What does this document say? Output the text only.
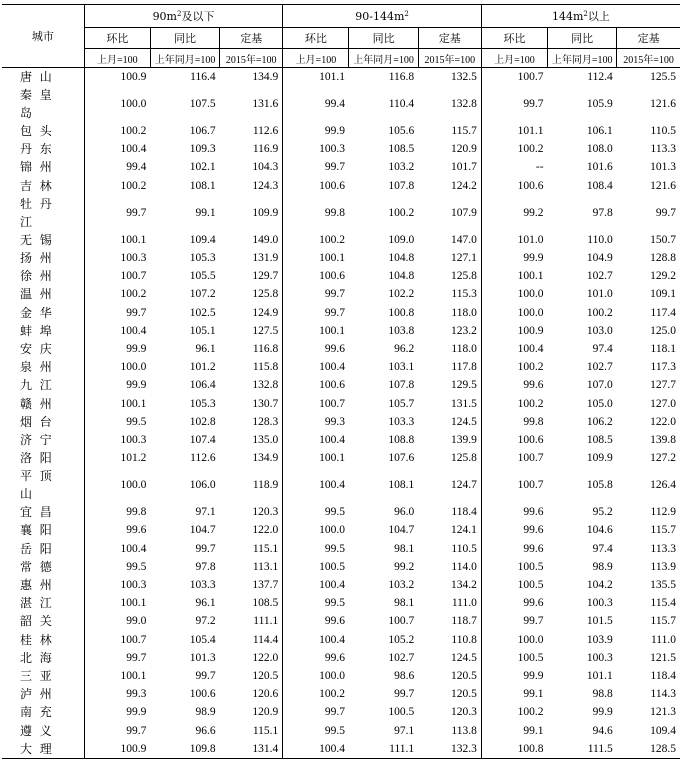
城市	$90m^2$及以下			$90-144m^2$			$144m^2$以上		
	环比	同比	定基	环比	同比	定基	环比	同比	定基
	上月=100	上年同月=100	2015年=100	上月=100	上年同月=100	2015年=100	上月=100	上年同月=100	2015年=100
唐山	100.9	116.4	134.9	101.1	116.8	132.5	100.7	112.4	125.5
秦皇岛	100.0	107.5	131.6	99.4	110.4	132.8	99.7	105.9	121.6
包头	100.2	106.7	112.6	99.9	105.6	115.7	101.1	106.1	110.5
丹东	100.4	109.3	116.9	100.3	108.5	120.9	100.2	108.0	113.3
锦州	99.4	102.1	104.3	99.7	103.2	101.7	--	101.6	101.3
吉林	100.2	108.1	124.3	100.6	107.8	124.2	100.6	108.4	121.6
牡丹江	99.7	99.1	109.9	99.8	100.2	107.9	99.2	97.8	99.7
无锡	100.1	109.4	149.0	100.2	109.0	147.0	101.0	110.0	150.7
扬州	100.3	105.3	131.9	100.1	104.8	127.1	99.9	104.9	128.8
徐州	100.7	105.5	129.7	100.6	104.8	125.8	100.1	102.7	129.2
温州	100.2	107.2	125.8	99.7	102.2	115.3	100.0	101.0	109.1
金华	99.7	102.5	124.9	99.7	100.8	118.0	100.0	100.2	117.4
蚌埠	100.4	105.1	127.5	100.1	103.8	123.2	100.9	103.0	125.0
安庆	99.9	96.1	116.8	99.6	96.2	118.0	100.4	97.4	118.1
泉州	100.0	101.2	115.8	100.4	103.1	117.8	100.2	102.7	117.3
九江	99.9	106.4	132.8	100.6	107.8	129.5	99.6	107.0	127.7
赣州	100.1	105.3	130.7	100.7	105.7	131.5	100.2	105.0	127.0
烟台	99.5	102.8	128.3	99.3	103.3	124.5	99.8	106.2	122.0
济宁	100.3	107.4	135.0	100.4	108.8	139.9	100.6	108.5	139.8
洛阳	101.2	112.6	134.9	100.1	107.6	125.8	100.7	109.9	127.2
平顶山	100.0	106.0	118.9	100.4	108.1	124.7	100.7	105.8	126.4
宜昌	99.8	97.1	120.3	99.5	96.0	118.4	99.6	95.2	112.9
襄阳	99.6	104.7	122.0	100.0	104.7	124.1	99.6	104.6	115.7
岳阳	100.4	99.7	115.1	99.5	98.1	110.5	99.6	97.4	113.3
常德	99.5	97.8	113.1	100.5	99.2	114.0	100.5	98.9	113.9
惠州	100.3	103.3	137.7	100.4	103.2	134.2	100.5	104.2	135.5
湛江	100.1	96.1	108.5	99.5	98.1	111.0	99.6	100.3	115.4
韶关	99.0	97.2	111.1	99.6	100.7	118.7	99.7	101.5	115.7
桂林	100.7	105.4	114.4	100.4	105.2	110.8	100.0	103.9	111.0
北海	99.7	101.3	122.0	99.6	102.7	124.5	100.5	100.3	121.5
三亚	100.1	99.7	120.5	100.0	98.6	120.5	99.9	101.1	118.4
泸州	99.3	100.6	120.6	100.2	99.7	120.5	99.1	98.8	114.3
南充	99.9	98.9	120.9	99.7	100.5	120.3	100.2	99.9	121.3
遵义	99.7	96.6	115.1	99.5	97.1	113.8	99.1	94.6	109.4
大理	100.9	109.8	131.4	100.4	111.1	132.3	100.8	111.5	128.5
